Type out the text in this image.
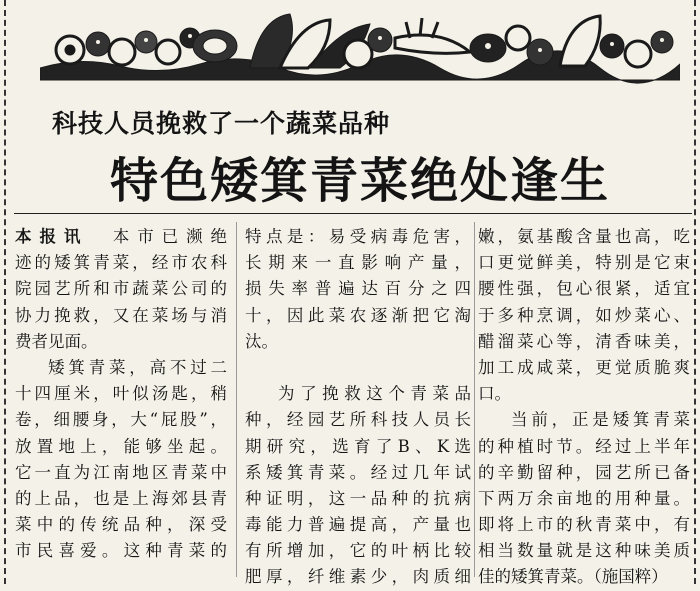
科技人员挽救了一个蔬菜品种
特色矮箕青菜绝处逢生
本报讯　本市已濒绝
迹的矮箕青菜，经市农科
院园艺所和市蔬菜公司的
协力挽救，又在菜场与消
费者见面。
矮箕青菜，高不过二
十四厘米，叶似汤匙，稍
卷，细腰身，大“屁股”，
放置地上，能够坐起。
它一直为江南地区青菜中
的上品，也是上海郊县青
菜中的传统品种，深受
市民喜爱。这种青菜的
特点是：易受病毒危害，
长期来一直影响产量，
损失率普遍达百分之四
十，因此菜农逐渐把它淘
汰。
为了挽救这个青菜品
种，经园艺所科技人员长
期研究，选育了B、K选
系矮箕青菜。经过几年试
种证明，这一品种的抗病
毒能力普遍提高，产量也
有所增加，它的叶柄比较
肥厚，纤维素少，肉质细
嫩，氨基酸含量也高，吃
口更觉鲜美，特别是它束
腰性强，包心很紧，适宜
于多种烹调，如炒菜心、
醋溜菜心等，清香味美，
加工成咸菜，更觉质脆爽
口。
当前，正是矮箕青菜
的种植时节。经过上半年
的辛勤留种，园艺所已备
下两万余亩地的用种量。
即将上市的秋青菜中，有
相当数量就是这种味美质
佳的矮箕青菜。（施国粹）
